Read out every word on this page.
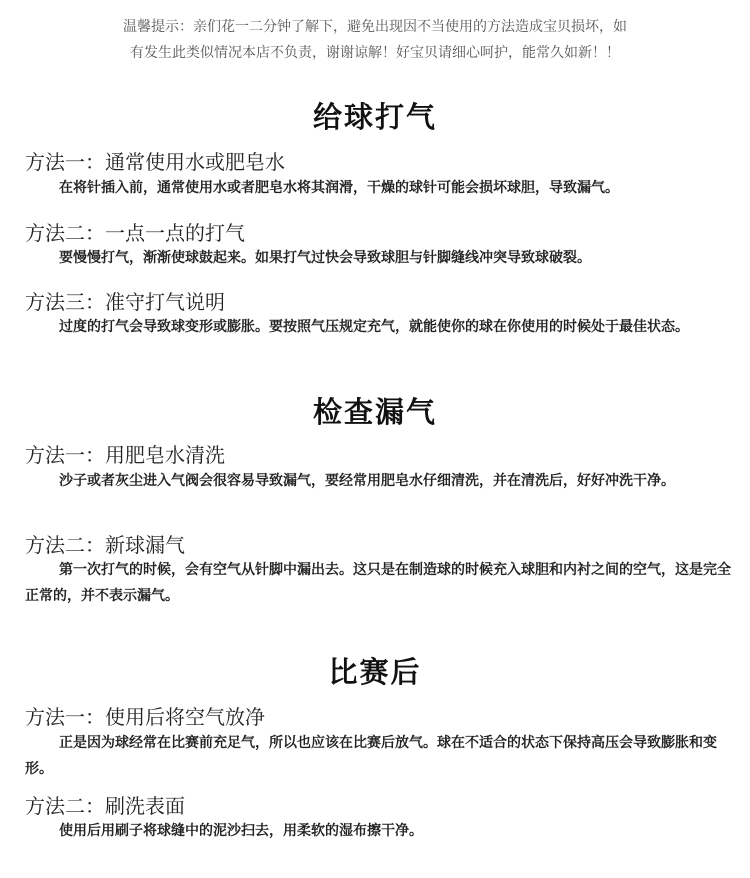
温馨提示：亲们花一二分钟了解下，避免出现因不当使用的方法造成宝贝损坏，如
有发生此类似情况本店不负责，谢谢谅解！好宝贝请细心呵护，能常久如新！！
给球打气
方法一：通常使用水或肥皂水
在将针插入前，通常使用水或者肥皂水将其润滑，干燥的球针可能会损坏球胆，导致漏气。
方法二：一点一点的打气
要慢慢打气，渐渐使球鼓起来。如果打气过快会导致球胆与针脚缝线冲突导致球破裂。
方法三：准守打气说明
过度的打气会导致球变形或膨胀。要按照气压规定充气，就能使你的球在你使用的时候处于最佳状态。
检查漏气
方法一：用肥皂水清洗
沙子或者灰尘进入气阀会很容易导致漏气，要经常用肥皂水仔细清洗，并在清洗后，好好冲洗干净。
方法二：新球漏气
第一次打气的时候，会有空气从针脚中漏出去。这只是在制造球的时候充入球胆和内衬之间的空气，这是完全正常的，并不表示漏气。
比赛后
方法一：使用后将空气放净
正是因为球经常在比赛前充足气，所以也应该在比赛后放气。球在不适合的状态下保持高压会导致膨胀和变形。
方法二：刷洗表面
使用后用刷子将球缝中的泥沙扫去，用柔软的湿布擦干净。
